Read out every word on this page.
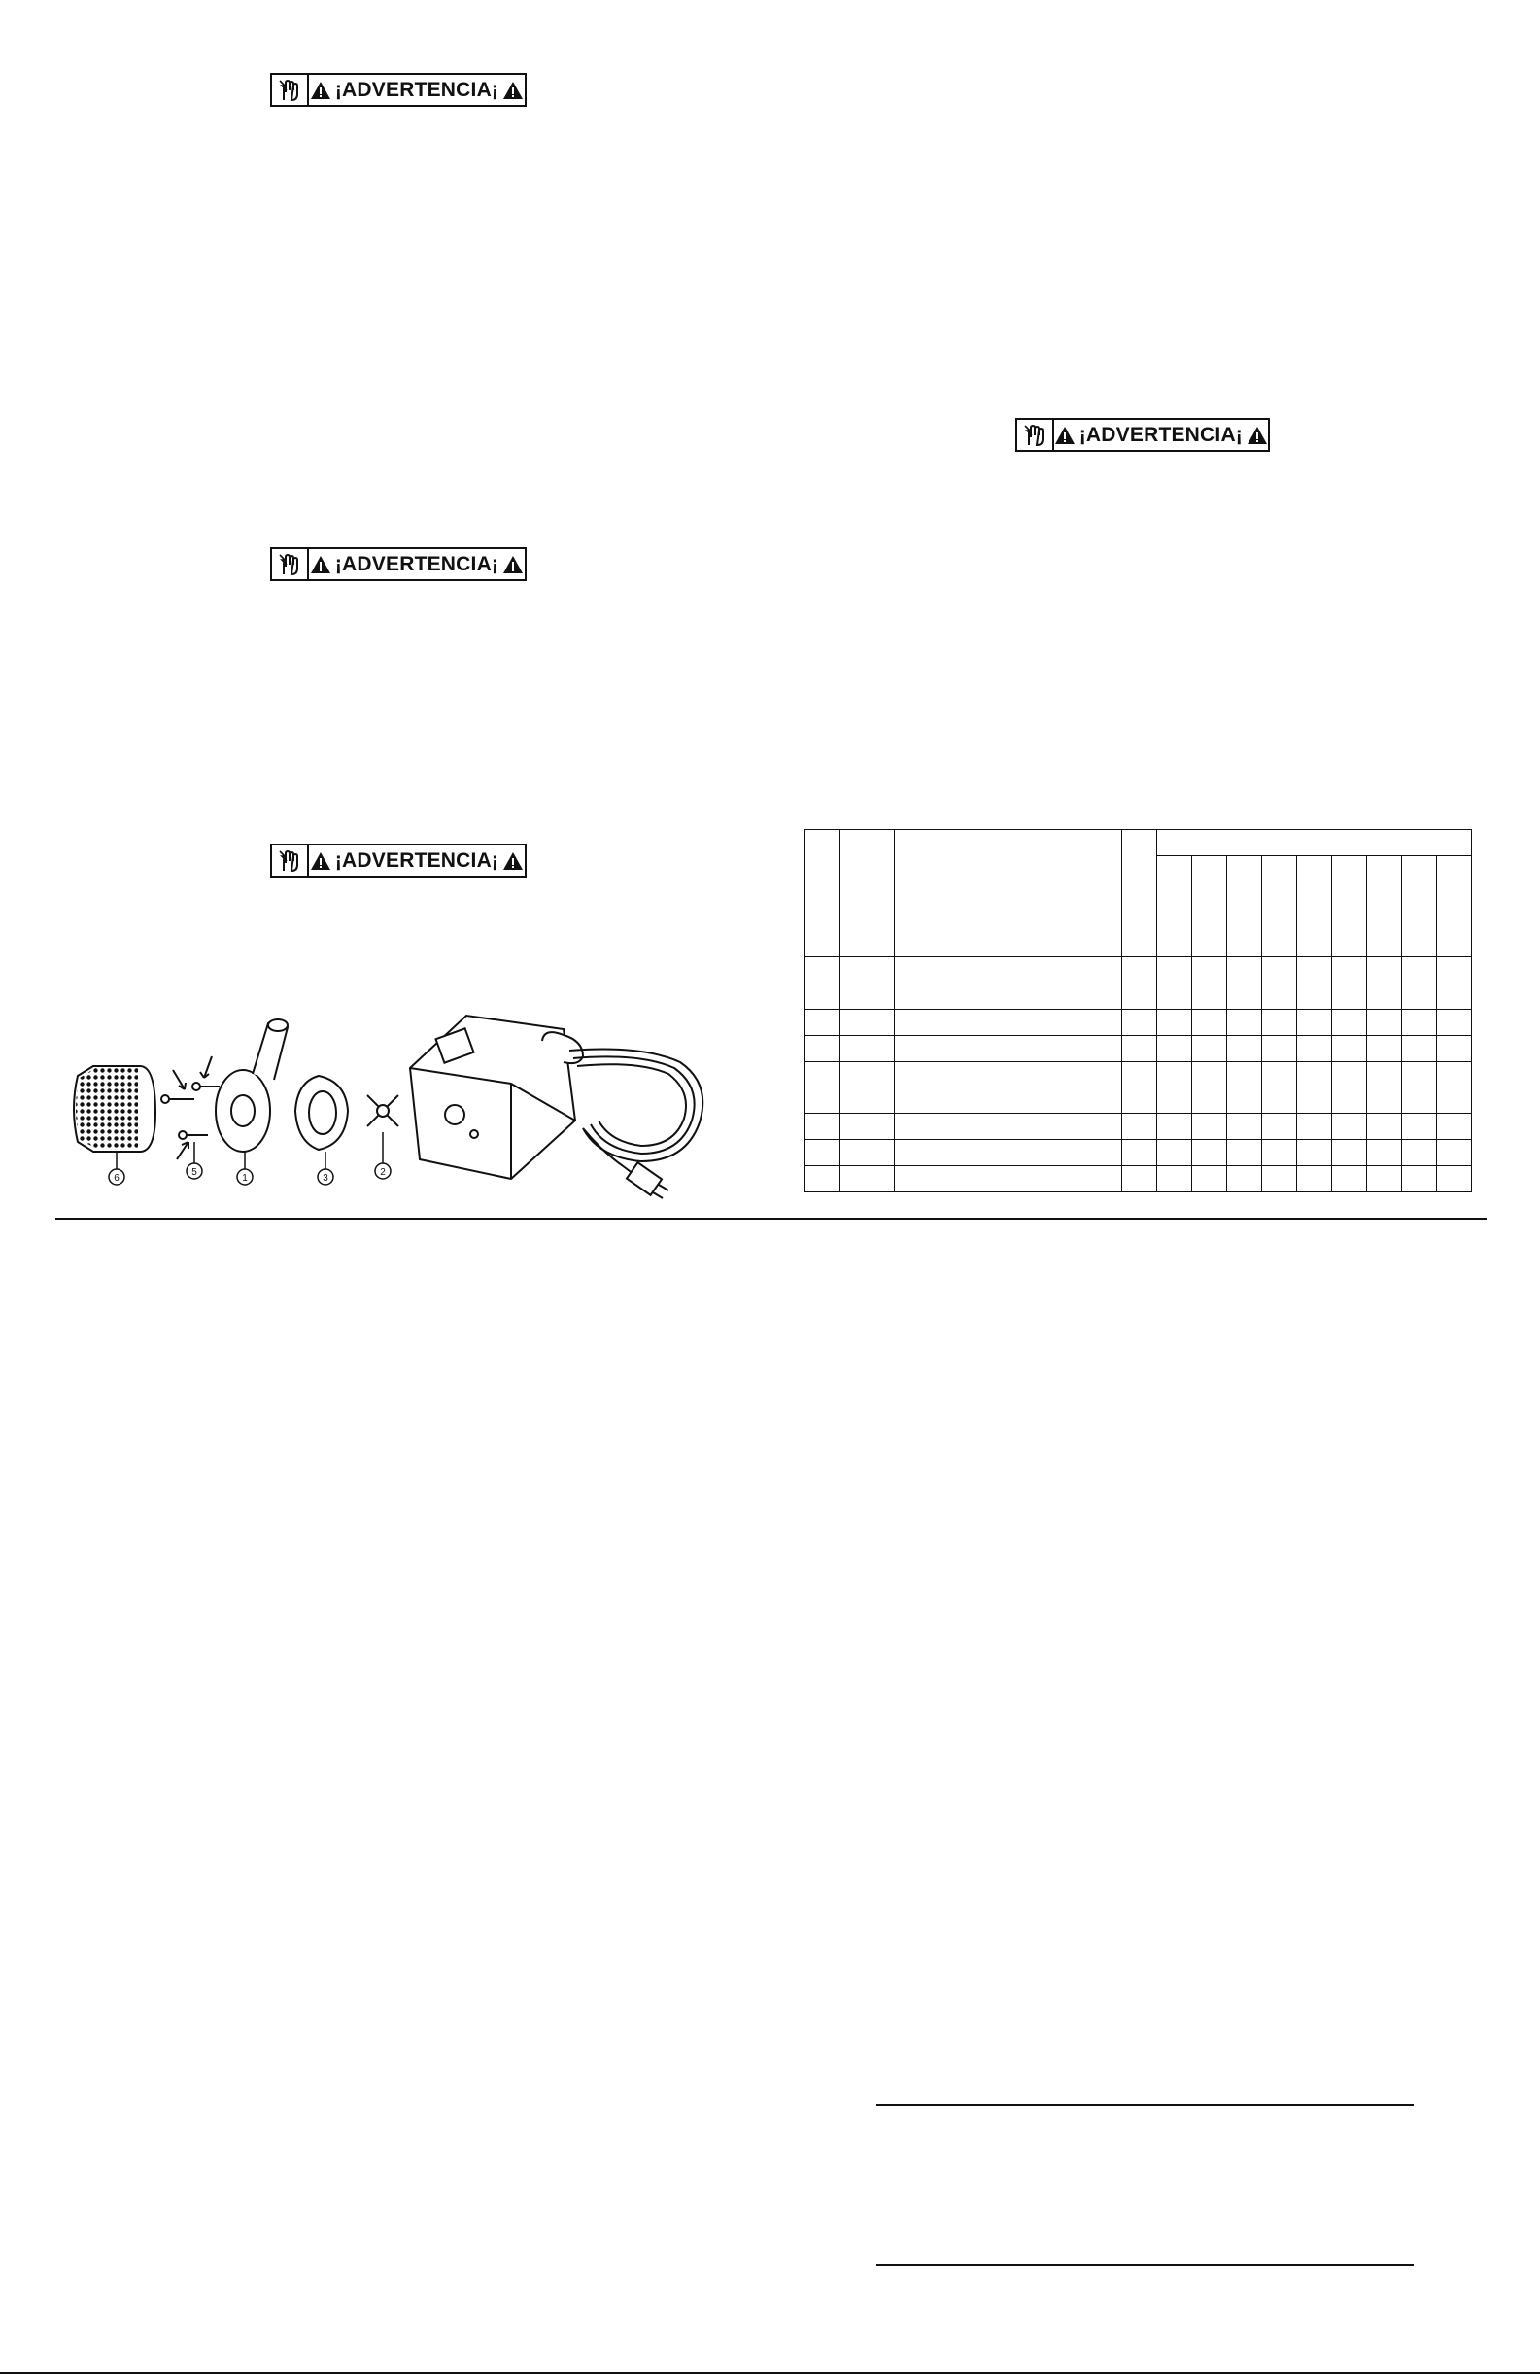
¡ADVERTENCIA¡
¡ADVERTENCIA¡
¡ADVERTENCIA¡
¡ADVERTENCIA¡
6
5
1	3
2
